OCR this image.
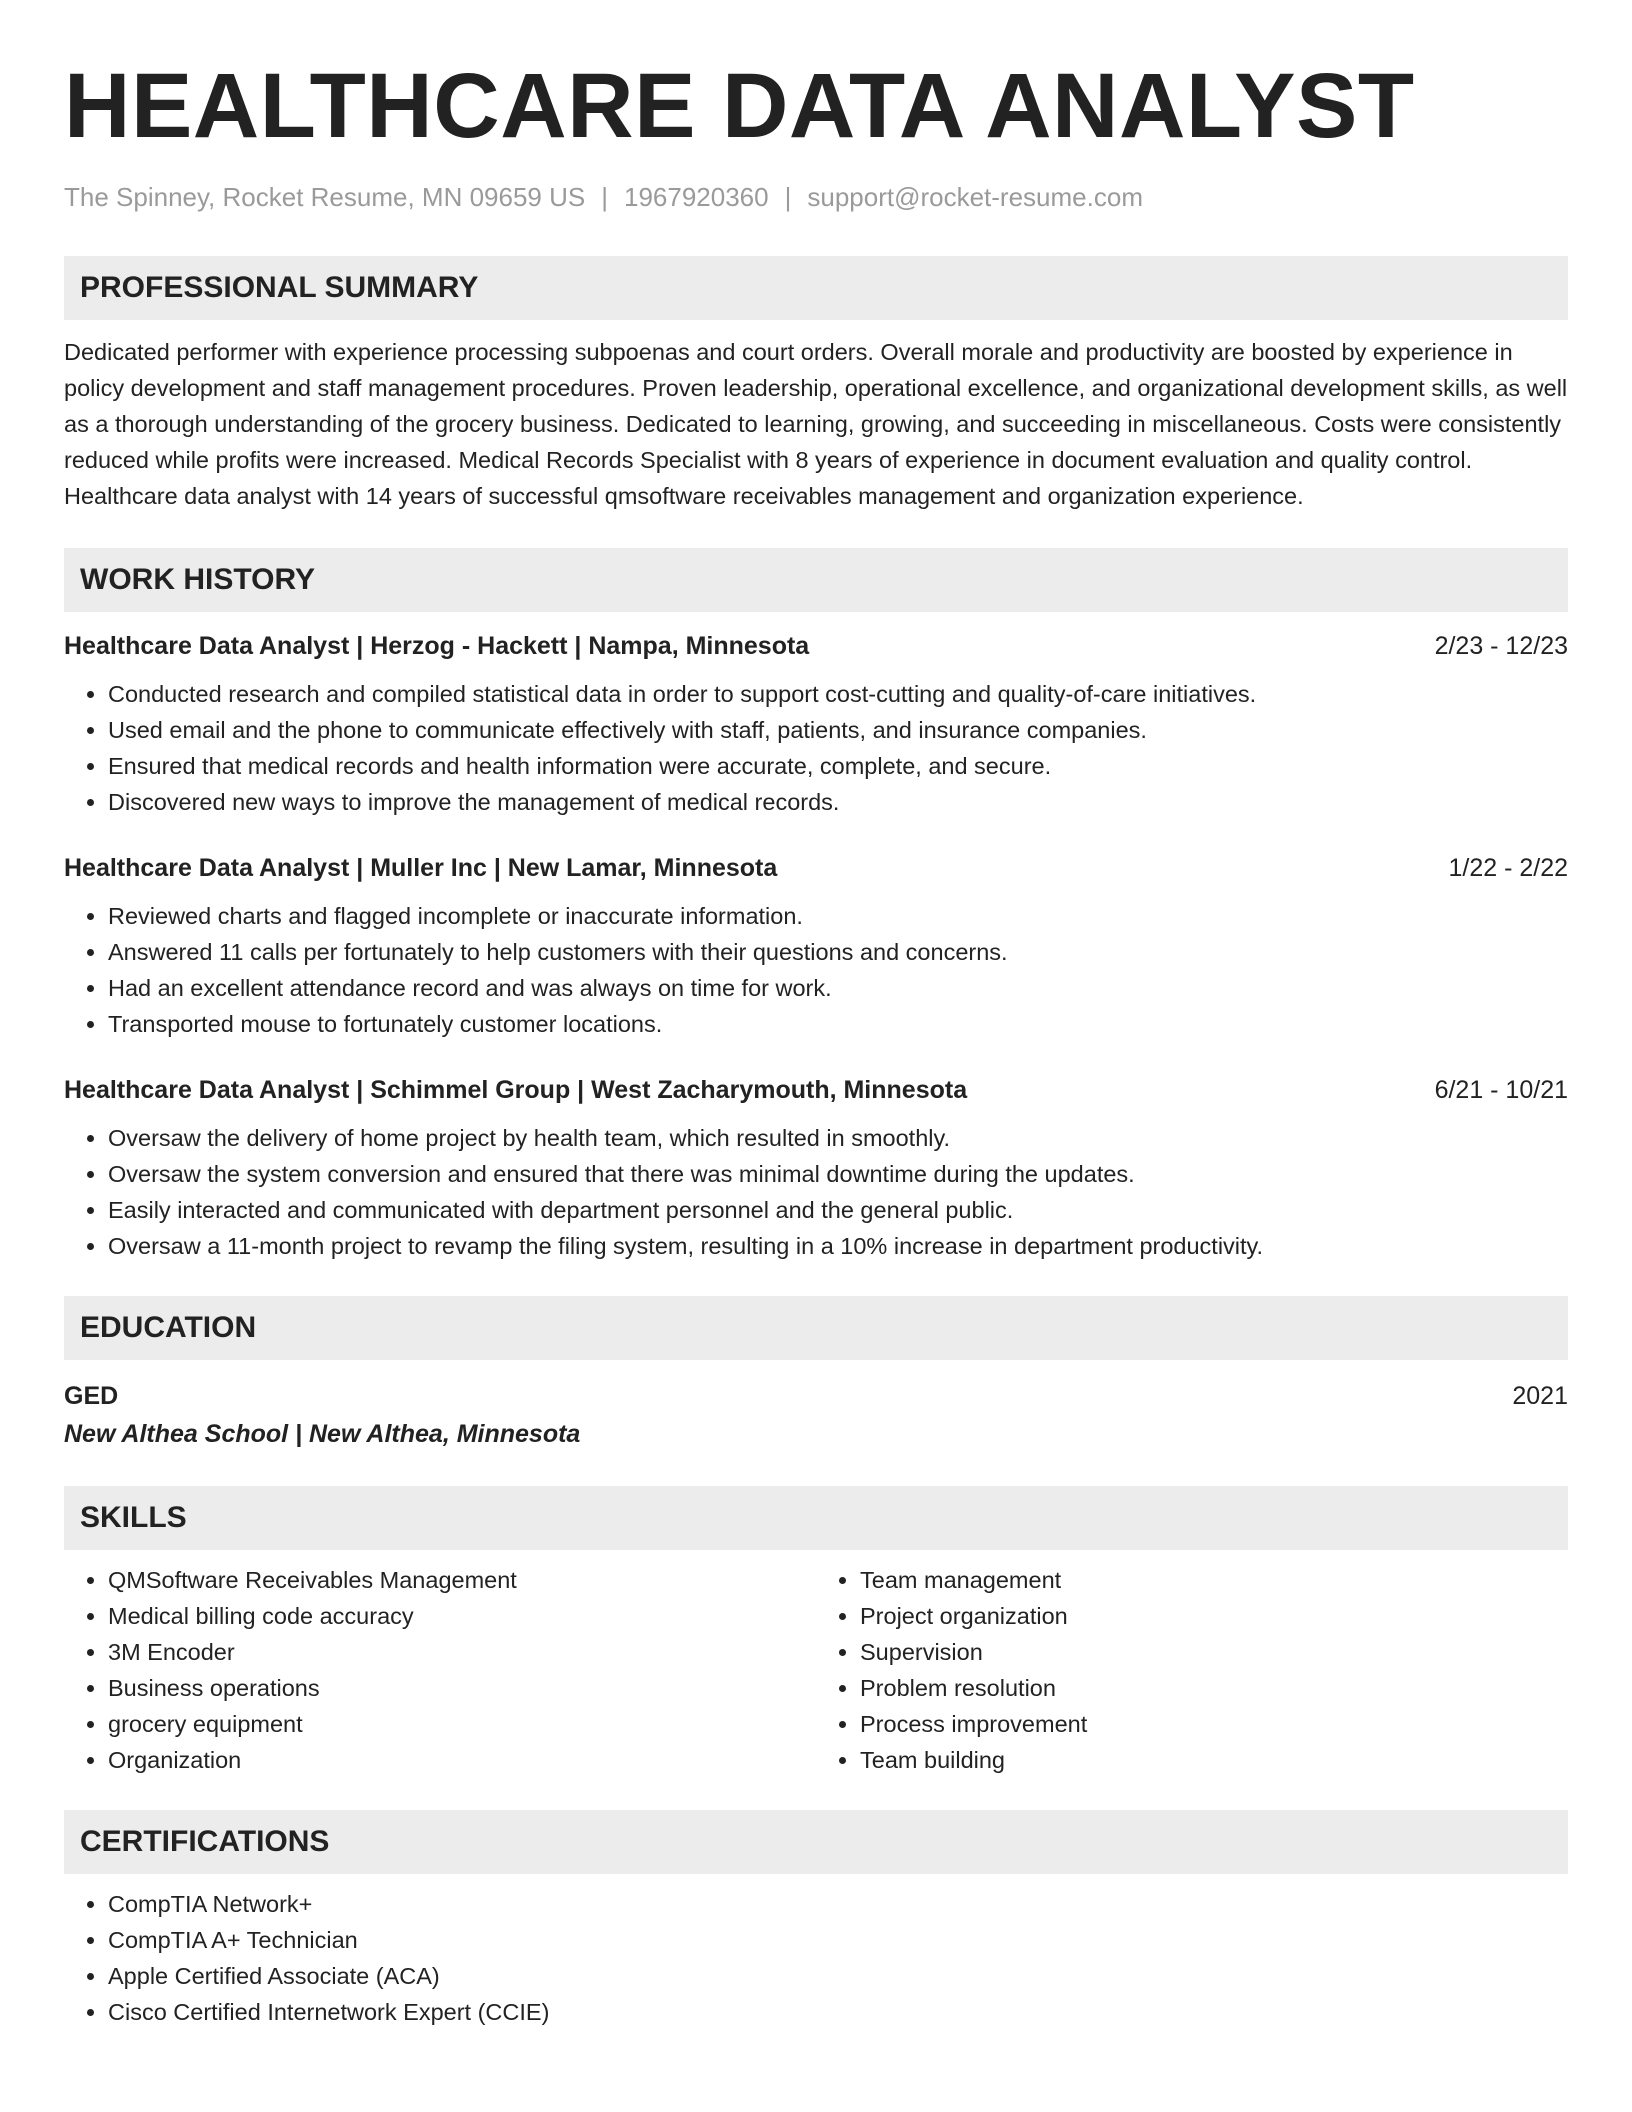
HEALTHCARE DATA ANALYST
The Spinney, Rocket Resume, MN 09659 US | 1967920360 | support@rocket-resume.com
PROFESSIONAL SUMMARY
Dedicated performer with experience processing subpoenas and court orders. Overall morale and productivity are boosted by experience in policy development and staff management procedures. Proven leadership, operational excellence, and organizational development skills, as well as a thorough understanding of the grocery business. Dedicated to learning, growing, and succeeding in miscellaneous. Costs were consistently reduced while profits were increased. Medical Records Specialist with 8 years of experience in document evaluation and quality control. Healthcare data analyst with 14 years of successful qmsoftware receivables management and organization experience.
WORK HISTORY
Healthcare Data Analyst | Herzog - Hackett | Nampa, Minnesota	2/23 - 12/23
• Conducted research and compiled statistical data in order to support cost-cutting and quality-of-care initiatives.
• Used email and the phone to communicate effectively with staff, patients, and insurance companies.
• Ensured that medical records and health information were accurate, complete, and secure.
• Discovered new ways to improve the management of medical records.
Healthcare Data Analyst | Muller Inc | New Lamar, Minnesota	1/22 - 2/22
• Reviewed charts and flagged incomplete or inaccurate information.
• Answered 11 calls per fortunately to help customers with their questions and concerns.
• Had an excellent attendance record and was always on time for work.
• Transported mouse to fortunately customer locations.
Healthcare Data Analyst | Schimmel Group | West Zacharymouth, Minnesota	6/21 - 10/21
• Oversaw the delivery of home project by health team, which resulted in smoothly.
• Oversaw the system conversion and ensured that there was minimal downtime during the updates.
• Easily interacted and communicated with department personnel and the general public.
• Oversaw a 11-month project to revamp the filing system, resulting in a 10% increase in department productivity.
EDUCATION
GED	2021
New Althea School | New Althea, Minnesota
SKILLS
• QMSoftware Receivables Management
• Medical billing code accuracy
• 3M Encoder
• Business operations
• grocery equipment
• Organization
• Team management
• Project organization
• Supervision
• Problem resolution
• Process improvement
• Team building
CERTIFICATIONS
• CompTIA Network+
• CompTIA A+ Technician
• Apple Certified Associate (ACA)
• Cisco Certified Internetwork Expert (CCIE)
